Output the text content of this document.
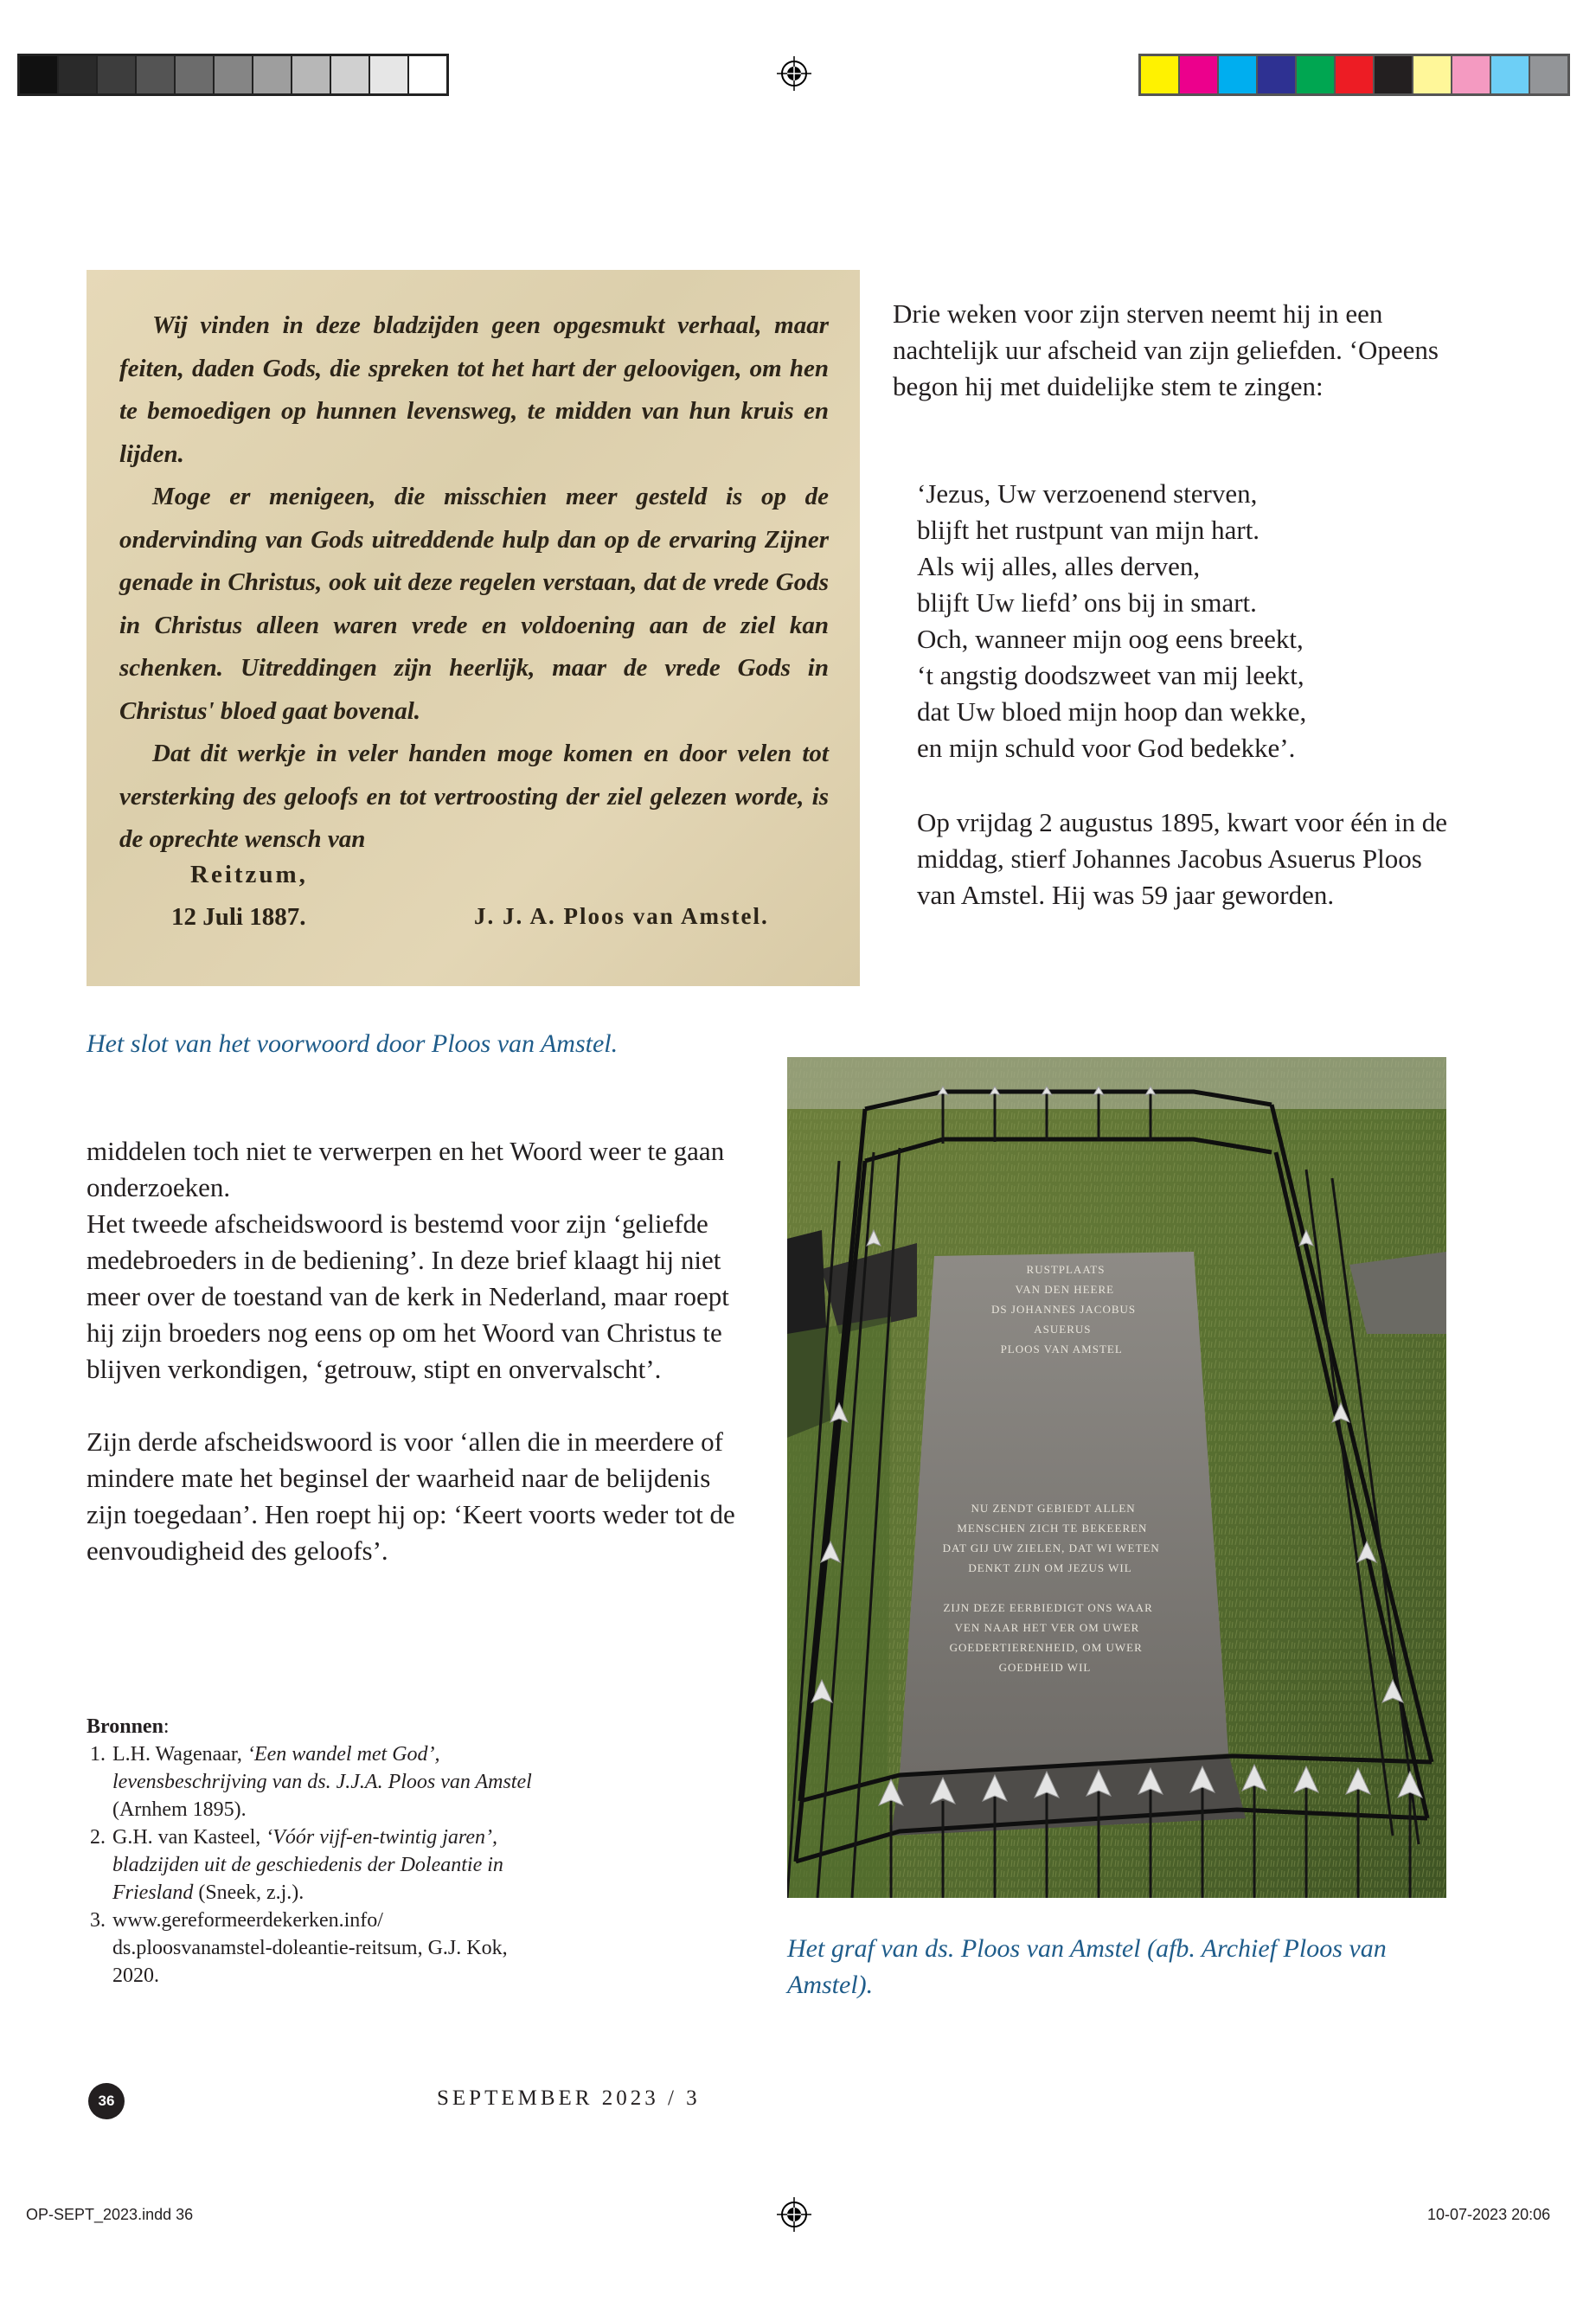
Wij vinden in deze bladzijden geen opgesmukt verhaal, maar feiten, daden Gods, die spreken tot het hart der geloovigen, om hen te bemoedigen op hunnen levensweg, te midden van hun kruis en lijden.

Moge er menigeen, die misschien meer gesteld is op de ondervinding van Gods uitreddende hulp dan op de ervaring Zijner genade in Christus, ook uit deze regelen verstaan, dat de vrede Gods in Christus alleen waren vrede en voldoening aan de ziel kan schenken. Uitreddingen zijn heerlijk, maar de vrede Gods in Christus' bloed gaat bovenal.

Dat dit werkje in veler handen moge komen en door velen tot versterking des geloofs en tot vertroosting der ziel gelezen worde, is de oprechte wensch van

Reitzum,
12 Juli 1887.	J. J. A. Ploos van Amstel.
Het slot van het voorwoord door Ploos van Amstel.

Drie weken voor zijn sterven neemt hij in een nachtelijk uur afscheid van zijn geliefden. ‘Opeens begon hij met duidelijke stem te zingen:

‘Jezus, Uw verzoenend sterven,

blijft het rustpunt van mijn hart.

Als wij alles, alles derven,

blijft Uw liefd’ ons bij in smart.

Och, wanneer mijn oog eens breekt,

‘t angstig doodszweet van mij leekt,

dat Uw bloed mijn hoop dan wekke,

en mijn schuld voor God bedekke’.

Op vrijdag 2 augustus 1895, kwart voor één in de middag, stierf Johannes Jacobus Asuerus Ploos van Amstel. Hij was 59 jaar geworden.
RUSTPLAATS
VAN DEN HEERE
DS JOHANNES JACOBUS
ASUERUS
PLOOS VAN AMSTEL
NU ZENDT GEBIEDT ALLEN
MENSCHEN ZICH TE BEKEEREN
DAT GIJ UW ZIELEN, DAT WI WETEN
DENKT ZIJN OM JEZUS WIL
ZIJN DEZE EERBIEDIGT ONS WAAR
VEN NAAR HET VER OM UWER
GOEDERTIERENHEID, OM UWER
GOEDHEID WIL
Het graf van ds. Ploos van Amstel (afb. Archief Ploos van Amstel).

middelen toch niet te verwerpen en het Woord weer te gaan onderzoeken.

Het tweede afscheidswoord is bestemd voor zijn ‘geliefde medebroeders in de bediening’. In deze brief klaagt hij niet meer over de toestand van de kerk in Nederland, maar roept hij zijn broeders nog eens op om het Woord van Christus te blijven verkondigen, ‘getrouw, stipt en onvervalscht’.

Zijn derde afscheidswoord is voor ‘allen die in meerdere of mindere mate het beginsel der waarheid naar de belijdenis zijn toegedaan’. Hen roept hij op: ‘Keert voorts weder tot de eenvoudigheid des geloofs’.

Bronnen:
1. L.H. Wagenaar, ‘Een wandel met God’, levensbeschrijving van ds. J.J.A. Ploos van Amstel (Arnhem 1895).
2. G.H. van Kasteel, ‘Vóór vijf-en-twintig jaren’, bladzijden uit de geschiedenis der Doleantie in Friesland (Sneek, z.j.).
3. www.gereformeerdekerken.info/ ds.ploosvanamstel-doleantie-reitsum, G.J. Kok, 2020.
36	SEPTEMBER 2023 / 3
OP-SEPT_2023.indd 36	10-07-2023 20:06
